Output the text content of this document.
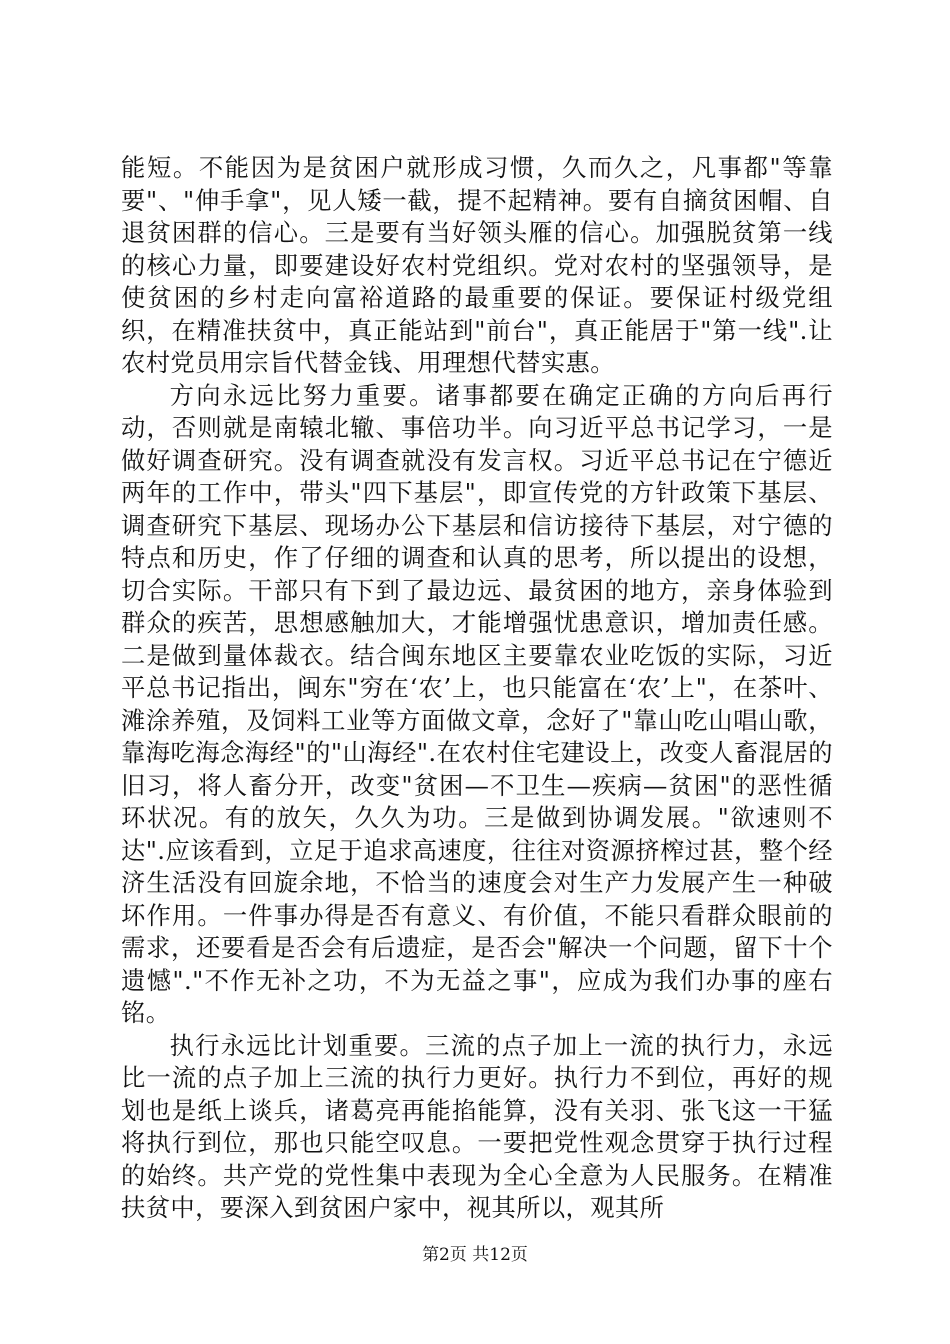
能短。不能因为是贫困户就形成习惯，久而久之，凡事都"等靠要"、"伸手拿"，见人矮一截，提不起精神。要有自摘贫困帽、自退贫困群的信心。三是要有当好领头雁的信心。加强脱贫第一线的核心力量，即要建设好农村党组织。党对农村的坚强领导，是使贫困的乡村走向富裕道路的最重要的保证。要保证村级党组织，在精准扶贫中，真正能站到"前台"，真正能居于"第一线".让农村党员用宗旨代替金钱、用理想代替实惠。

方向永远比努力重要。诸事都要在确定正确的方向后再行动，否则就是南辕北辙、事倍功半。向习近平总书记学习，一是做好调查研究。没有调查就没有发言权。习近平总书记在宁德近两年的工作中，带头"四下基层"，即宣传党的方针政策下基层、调查研究下基层、现场办公下基层和信访接待下基层，对宁德的特点和历史，作了仔细的调查和认真的思考，所以提出的设想，切合实际。干部只有下到了最边远、最贫困的地方，亲身体验到群众的疾苦，思想感触加大，才能增强忧患意识，增加责任感。二是做到量体裁衣。结合闽东地区主要靠农业吃饭的实际，习近平总书记指出，闽东"穷在‘农’上，也只能富在‘农’上"，在茶叶、滩涂养殖，及饲料工业等方面做文章，念好了"靠山吃山唱山歌，靠海吃海念海经"的"山海经".在农村住宅建设上，改变人畜混居的旧习，将人畜分开，改变"贫困—不卫生—疾病—贫困"的恶性循环状况。有的放矢，久久为功。三是做到协调发展。"欲速则不达".应该看到，立足于追求高速度，往往对资源挤榨过甚，整个经济生活没有回旋余地，不恰当的速度会对生产力发展产生一种破坏作用。一件事办得是否有意义、有价值，不能只看群众眼前的需求，还要看是否会有后遗症，是否会"解决一个问题，留下十个遗憾"."不作无补之功，不为无益之事"，应成为我们办事的座右铭。

执行永远比计划重要。三流的点子加上一流的执行力，永远比一流的点子加上三流的执行力更好。执行力不到位，再好的规划也是纸上谈兵，诸葛亮再能掐能算，没有关羽、张飞这一干猛将执行到位，那也只能空叹息。一要把党性观念贯穿于执行过程的始终。共产党的党性集中表现为全心全意为人民服务。在精准扶贫中，要深入到贫困户家中，视其所以，观其所

第2页 共12页
